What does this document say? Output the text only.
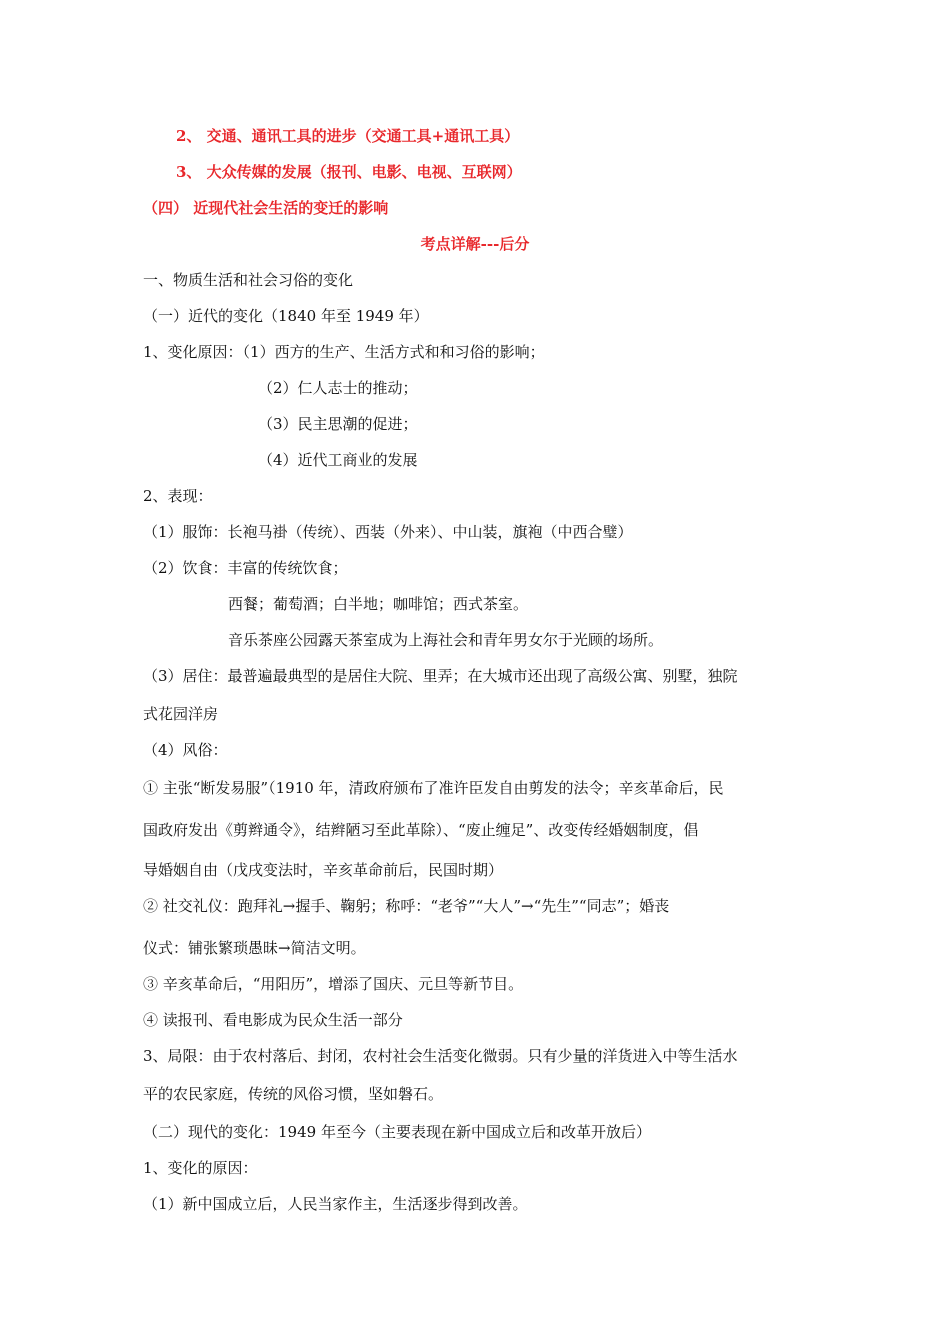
2、 交通、通讯工具的进步（交通工具+通讯工具）
3、 大众传媒的发展（报刊、电影、电视、互联网）
（四） 近现代社会生活的变迁的影响
考点详解---后分
一、物质生活和社会习俗的变化
（一）近代的变化（1840 年至 1949 年）
1、变化原因：（1）西方的生产、生活方式和和习俗的影响；
（2）仁人志士的推动；
（3）民主思潮的促进；
（4）近代工商业的发展
2、表现：
（1）服饰：长袍马褂（传统）、西装（外来）、中山装，旗袍（中西合璧）
（2）饮食：丰富的传统饮食；
西餐；葡萄酒；白半地；咖啡馆；西式茶室。
音乐茶座公园露天茶室成为上海社会和青年男女尔于光顾的场所。
（3）居住：最普遍最典型的是居住大院、里弄；在大城市还出现了高级公寓、别墅，独院
式花园洋房
（4）风俗：
① 主张“断发易服”（1910 年，清政府颁布了准许臣发自由剪发的法令；辛亥革命后，民
国政府发出《剪辫通令》，结辫陋习至此革除）、“废止缠足”、改变传经婚姻制度，倡
导婚姻自由（戊戌变法时，辛亥革命前后，民国时期）
② 社交礼仪：跑拜礼→握手、鞠躬；称呼：“老爷”“大人”→“先生”“同志”；婚丧
仪式：铺张繁琐愚昧→简洁文明。
③ 辛亥革命后，“用阳历”，增添了国庆、元旦等新节目。
④ 读报刊、看电影成为民众生活一部分
3、局限：由于农村落后、封闭，农村社会生活变化微弱。只有少量的洋货进入中等生活水
平的农民家庭，传统的风俗习惯，坚如磐石。
（二）现代的变化：1949 年至今（主要表现在新中国成立后和改革开放后）
1、变化的原因：
（1）新中国成立后，人民当家作主，生活逐步得到改善。
